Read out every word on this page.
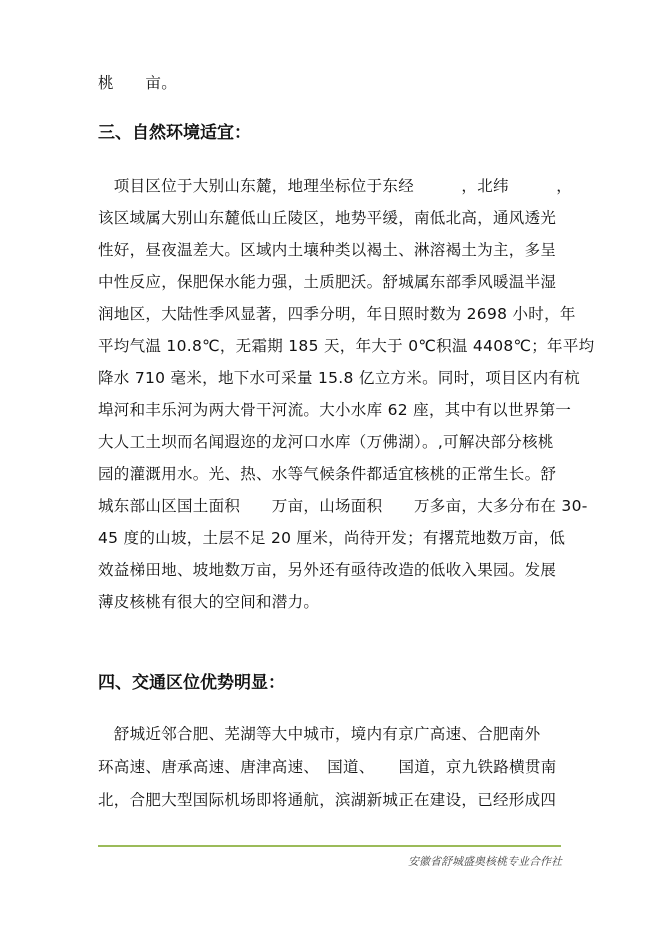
桃　　亩。
三、自然环境适宜：
　项目区位于大别山东麓，地理坐标位于东经　　　，北纬　　　，
该区域属大别山东麓低山丘陵区，地势平缓，南低北高，通风透光
性好，昼夜温差大。区域内土壤种类以褐土、淋溶褐土为主，多呈
中性反应，保肥保水能力强，土质肥沃。舒城属东部季风暖温半湿
润地区，大陆性季风显著，四季分明，年日照时数为 2698 小时，年
平均气温 10.8℃，无霜期 185 天，年大于 0℃积温 4408℃；年平均
降水 710 毫米，地下水可采量 15.8 亿立方米。同时，项目区内有杭
埠河和丰乐河为两大骨干河流。大小水库 62 座，其中有以世界第一
大人工土坝而名闻遐迩的龙河口水库（万佛湖）。,可解决部分核桃
园的灌溉用水。光、热、水等气候条件都适宜核桃的正常生长。舒
城东部山区国土面积　　万亩，山场面积　　万多亩，大多分布在 30-
45 度的山坡，土层不足 20 厘米，尚待开发；有撂荒地数万亩，低
效益梯田地、坡地数万亩，另外还有亟待改造的低收入果园。发展
薄皮核桃有很大的空间和潜力。
四、交通区位优势明显：
　舒城近邻合肥、芜湖等大中城市，境内有京广高速、合肥南外
环高速、唐承高速、唐津高速、　国道、　　国道，京九铁路横贯南
北，合肥大型国际机场即将通航，滨湖新城正在建设，已经形成四
安徽省舒城盛奥核桃专业合作社
